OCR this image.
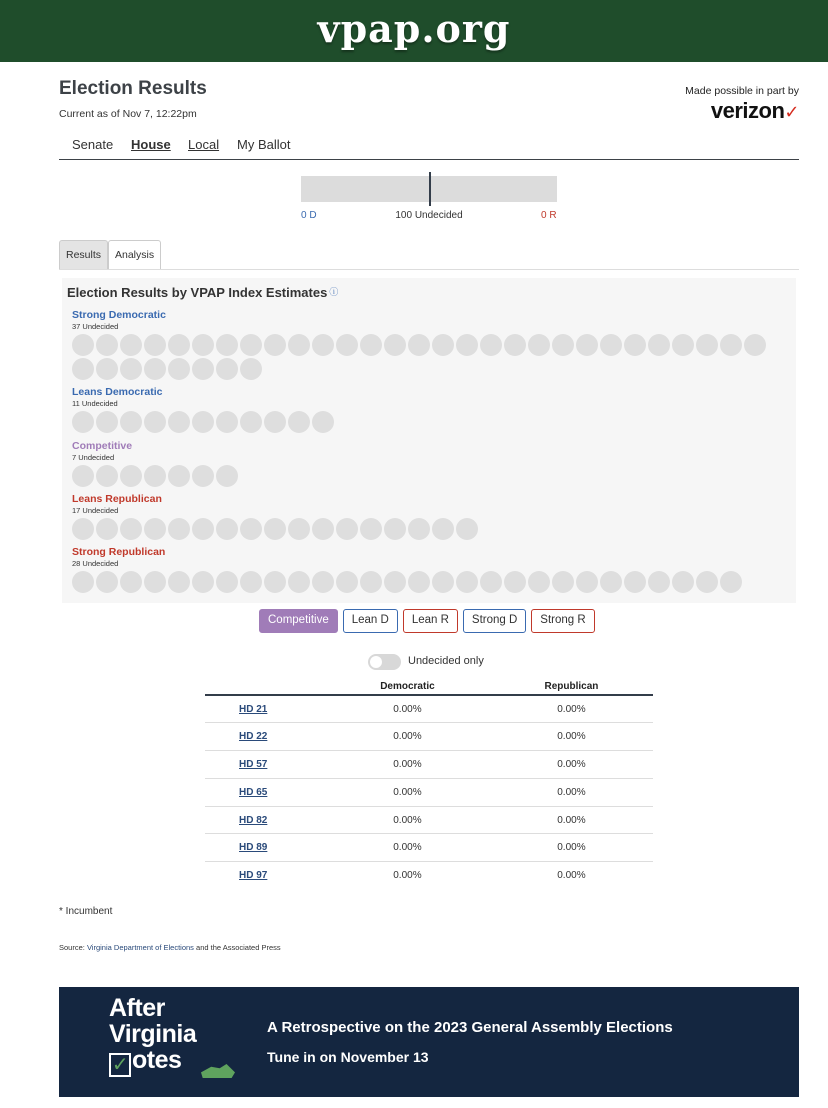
vpap.org
Election Results
Current as of Nov 7, 12:22pm
Made possible in part by
verizon✓
Senate House Local My Ballot
100 Undecided
0 D	0 R
Results	Analysis
Election Results by VPAP Index Estimates ⓘ
Strong Democratic
37 Undecided
Leans Democratic
11 Undecided
Competitive
7 Undecided
Leans Republican
17 Undecided
Strong Republican
28 Undecided
Competitive	Lean D	Lean R	Strong D	Strong R
Undecided only
	Democratic	Republican
HD 21	0.00%	0.00%
HD 22	0.00%	0.00%
HD 57	0.00%	0.00%
HD 65	0.00%	0.00%
HD 82	0.00%	0.00%
HD 89	0.00%	0.00%
HD 97	0.00%	0.00%
* Incumbent
Source: Virginia Department of Elections and the Associated Press
After
Virginia
✓ otes
A Retrospective on the 2023 General Assembly Elections
Tune in on November 13
